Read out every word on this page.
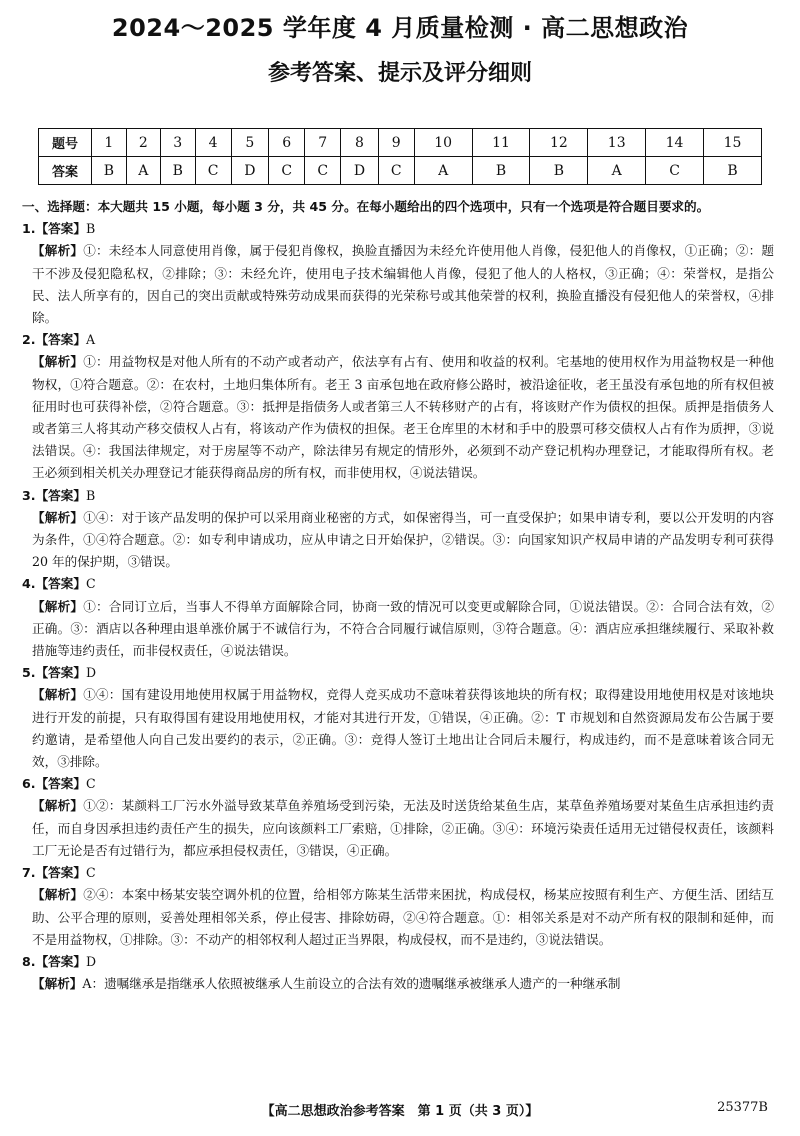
2024～2025 学年度 4 月质量检测 · 高二思想政治
参考答案、提示及评分细则
题号	1	2	3	4	5	6	7	8	9	10	11	12	13	14	15
答案	B	A	B	C	D	C	C	D	C	A	B	B	A	C	B
一、选择题：本大题共 15 小题，每小题 3 分，共 45 分。在每小题给出的四个选项中，只有一个选项是符合题目要求的。
1.【答案】B
【解析】①：未经本人同意使用肖像，属于侵犯肖像权，换脸直播因为未经允许使用他人肖像，侵犯他人的肖像权，①正确；②：题干不涉及侵犯隐私权，②排除；③：未经允许，使用电子技术编辑他人肖像，侵犯了他人的人格权，③正确；④：荣誉权，是指公民、法人所享有的，因自己的突出贡献或特殊劳动成果而获得的光荣称号或其他荣誉的权利，换脸直播没有侵犯他人的荣誉权，④排除。
2.【答案】A
【解析】①：用益物权是对他人所有的不动产或者动产，依法享有占有、使用和收益的权利。宅基地的使用权作为用益物权是一种他物权，①符合题意。②：在农村，土地归集体所有。老王 3 亩承包地在政府修公路时，被沿途征收，老王虽没有承包地的所有权但被征用时也可获得补偿，②符合题意。③：抵押是指债务人或者第三人不转移财产的占有，将该财产作为债权的担保。质押是指债务人或者第三人将其动产移交债权人占有，将该动产作为债权的担保。老王仓库里的木材和手中的股票可移交债权人占有作为质押，③说法错误。④：我国法律规定，对于房屋等不动产，除法律另有规定的情形外，必须到不动产登记机构办理登记，才能取得所有权。老王必须到相关机关办理登记才能获得商品房的所有权，而非使用权，④说法错误。
3.【答案】B
【解析】①④：对于该产品发明的保护可以采用商业秘密的方式，如保密得当，可一直受保护；如果申请专利，要以公开发明的内容为条件，①④符合题意。②：如专利申请成功，应从申请之日开始保护，②错误。③：向国家知识产权局申请的产品发明专利可获得 20 年的保护期，③错误。
4.【答案】C
【解析】①：合同订立后，当事人不得单方面解除合同，协商一致的情况可以变更或解除合同，①说法错误。②：合同合法有效，②正确。③：酒店以各种理由退单涨价属于不诚信行为，不符合合同履行诚信原则，③符合题意。④：酒店应承担继续履行、采取补救措施等违约责任，而非侵权责任，④说法错误。
5.【答案】D
【解析】①④：国有建设用地使用权属于用益物权，竞得人竞买成功不意味着获得该地块的所有权；取得建设用地使用权是对该地块进行开发的前提，只有取得国有建设用地使用权，才能对其进行开发，①错误，④正确。②：T 市规划和自然资源局发布公告属于要约邀请，是希望他人向自己发出要约的表示，②正确。③：竞得人签订土地出让合同后未履行，构成违约，而不是意味着该合同无效，③排除。
6.【答案】C
【解析】①②：某颜料工厂污水外溢导致某草鱼养殖场受到污染，无法及时送货给某鱼生店，某草鱼养殖场要对某鱼生店承担违约责任，而自身因承担违约责任产生的损失，应向该颜料工厂索赔，①排除，②正确。③④：环境污染责任适用无过错侵权责任，该颜料工厂无论是否有过错行为，都应承担侵权责任，③错误，④正确。
7.【答案】C
【解析】②④：本案中杨某安装空调外机的位置，给相邻方陈某生活带来困扰，构成侵权，杨某应按照有利生产、方便生活、团结互助、公平合理的原则，妥善处理相邻关系，停止侵害、排除妨碍，②④符合题意。①：相邻关系是对不动产所有权的限制和延伸，而不是用益物权，①排除。③：不动产的相邻权利人超过正当界限，构成侵权，而不是违约，③说法错误。
8.【答案】D
【解析】A：遗嘱继承是指继承人依照被继承人生前设立的合法有效的遗嘱继承被继承人遗产的一种继承制
【高二思想政治参考答案　第 1 页（共 3 页）】	25377B
